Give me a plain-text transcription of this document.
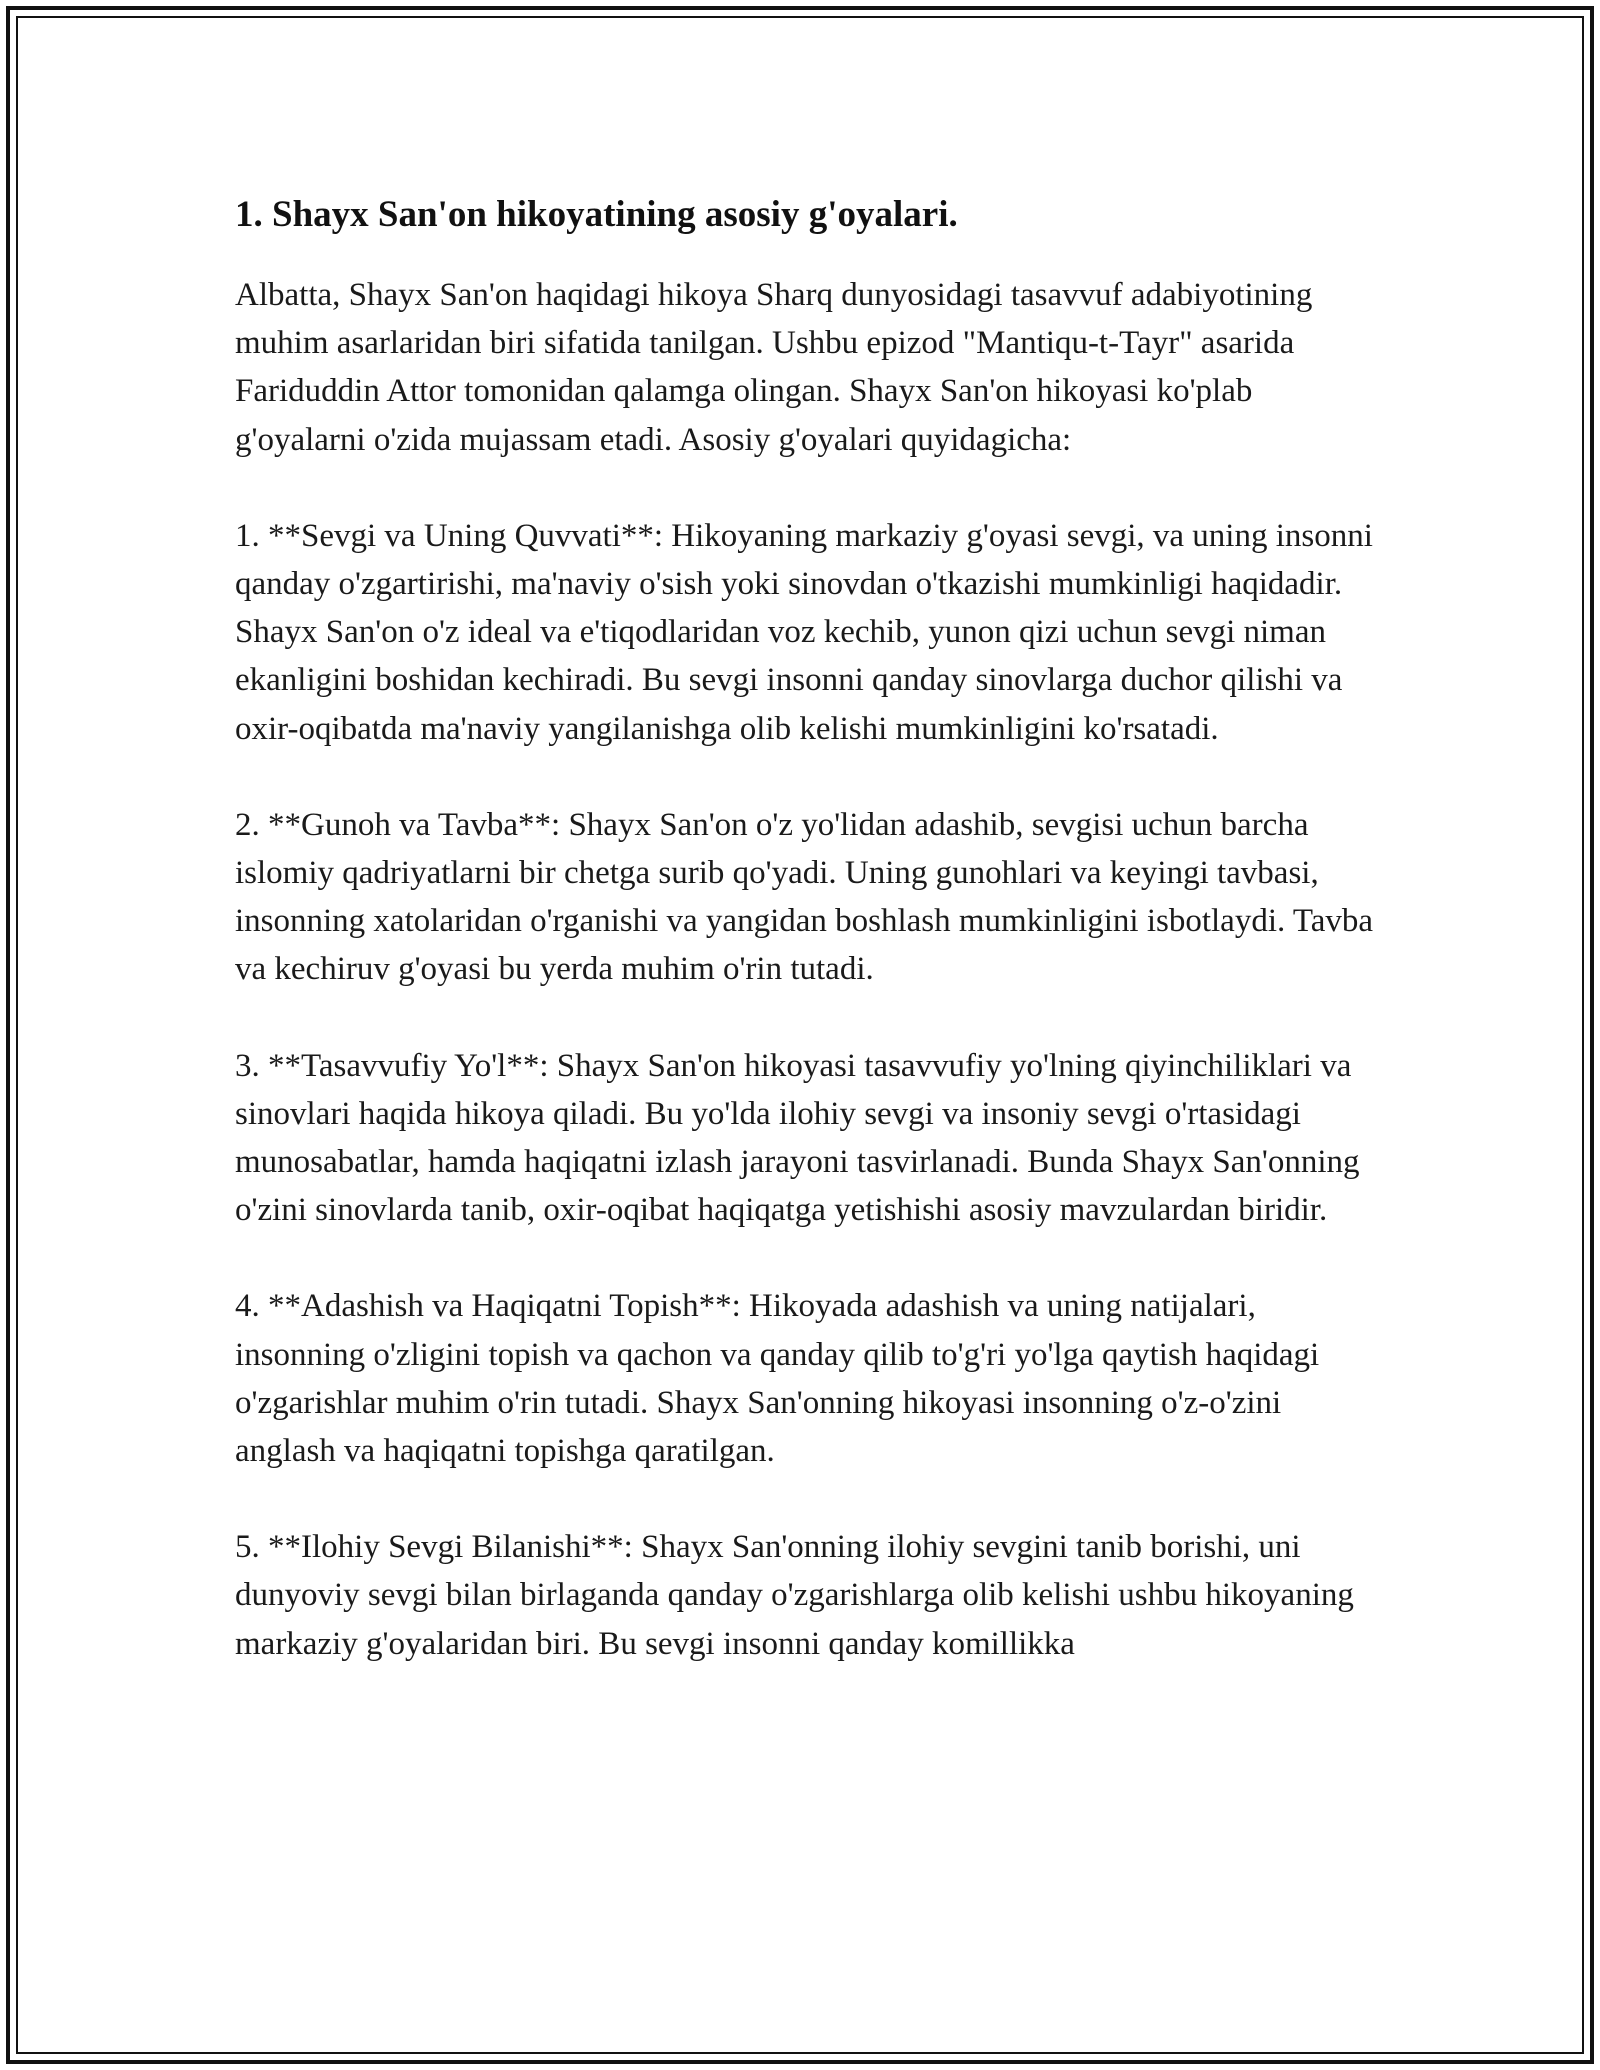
1. Shayx San'on hikoyatining asosiy g'oyalari.

Albatta, Shayx San'on haqidagi hikoya Sharq dunyosidagi tasavvuf adabiyotining muhim asarlaridan biri sifatida tanilgan. Ushbu epizod "Mantiqu-t-Tayr" asarida Fariduddin Attor tomonidan qalamga olingan. Shayx San'on hikoyasi ko'plab g'oyalarni o'zida mujassam etadi. Asosiy g'oyalari quyidagicha:

1. **Sevgi va Uning Quvvati**: Hikoyaning markaziy g'oyasi sevgi, va uning insonni qanday o'zgartirishi, ma'naviy o'sish yoki sinovdan o'tkazishi mumkinligi haqidadir. Shayx San'on o'z ideal va e'tiqodlaridan voz kechib, yunon qizi uchun sevgi niman ekanligini boshidan kechiradi. Bu sevgi insonni qanday sinovlarga duchor qilishi va oxir-oqibatda ma'naviy yangilanishga olib kelishi mumkinligini ko'rsatadi.

2. **Gunoh va Tavba**: Shayx San'on o'z yo'lidan adashib, sevgisi uchun barcha islomiy qadriyatlarni bir chetga surib qo'yadi. Uning gunohlari va keyingi tavbasi, insonning xatolaridan o'rganishi va yangidan boshlash mumkinligini isbotlaydi. Tavba va kechiruv g'oyasi bu yerda muhim o'rin tutadi.

3. **Tasavvufiy Yo'l**: Shayx San'on hikoyasi tasavvufiy yo'lning qiyinchiliklari va sinovlari haqida hikoya qiladi. Bu yo'lda ilohiy sevgi va insoniy sevgi o'rtasidagi munosabatlar, hamda haqiqatni izlash jarayoni tasvirlanadi. Bunda Shayx San'onning o'zini sinovlarda tanib, oxir-oqibat haqiqatga yetishishi asosiy mavzulardan biridir.

4. **Adashish va Haqiqatni Topish**: Hikoyada adashish va uning natijalari, insonning o'zligini topish va qachon va qanday qilib to'g'ri yo'lga qaytish haqidagi o'zgarishlar muhim o'rin tutadi. Shayx San'onning hikoyasi insonning o'z-o'zini anglash va haqiqatni topishga qaratilgan.

5. **Ilohiy Sevgi Bilanishi**: Shayx San'onning ilohiy sevgini tanib borishi, uni dunyoviy sevgi bilan birlaganda qanday o'zgarishlarga olib kelishi ushbu hikoyaning markaziy g'oyalaridan biri. Bu sevgi insonni qanday komillikka
